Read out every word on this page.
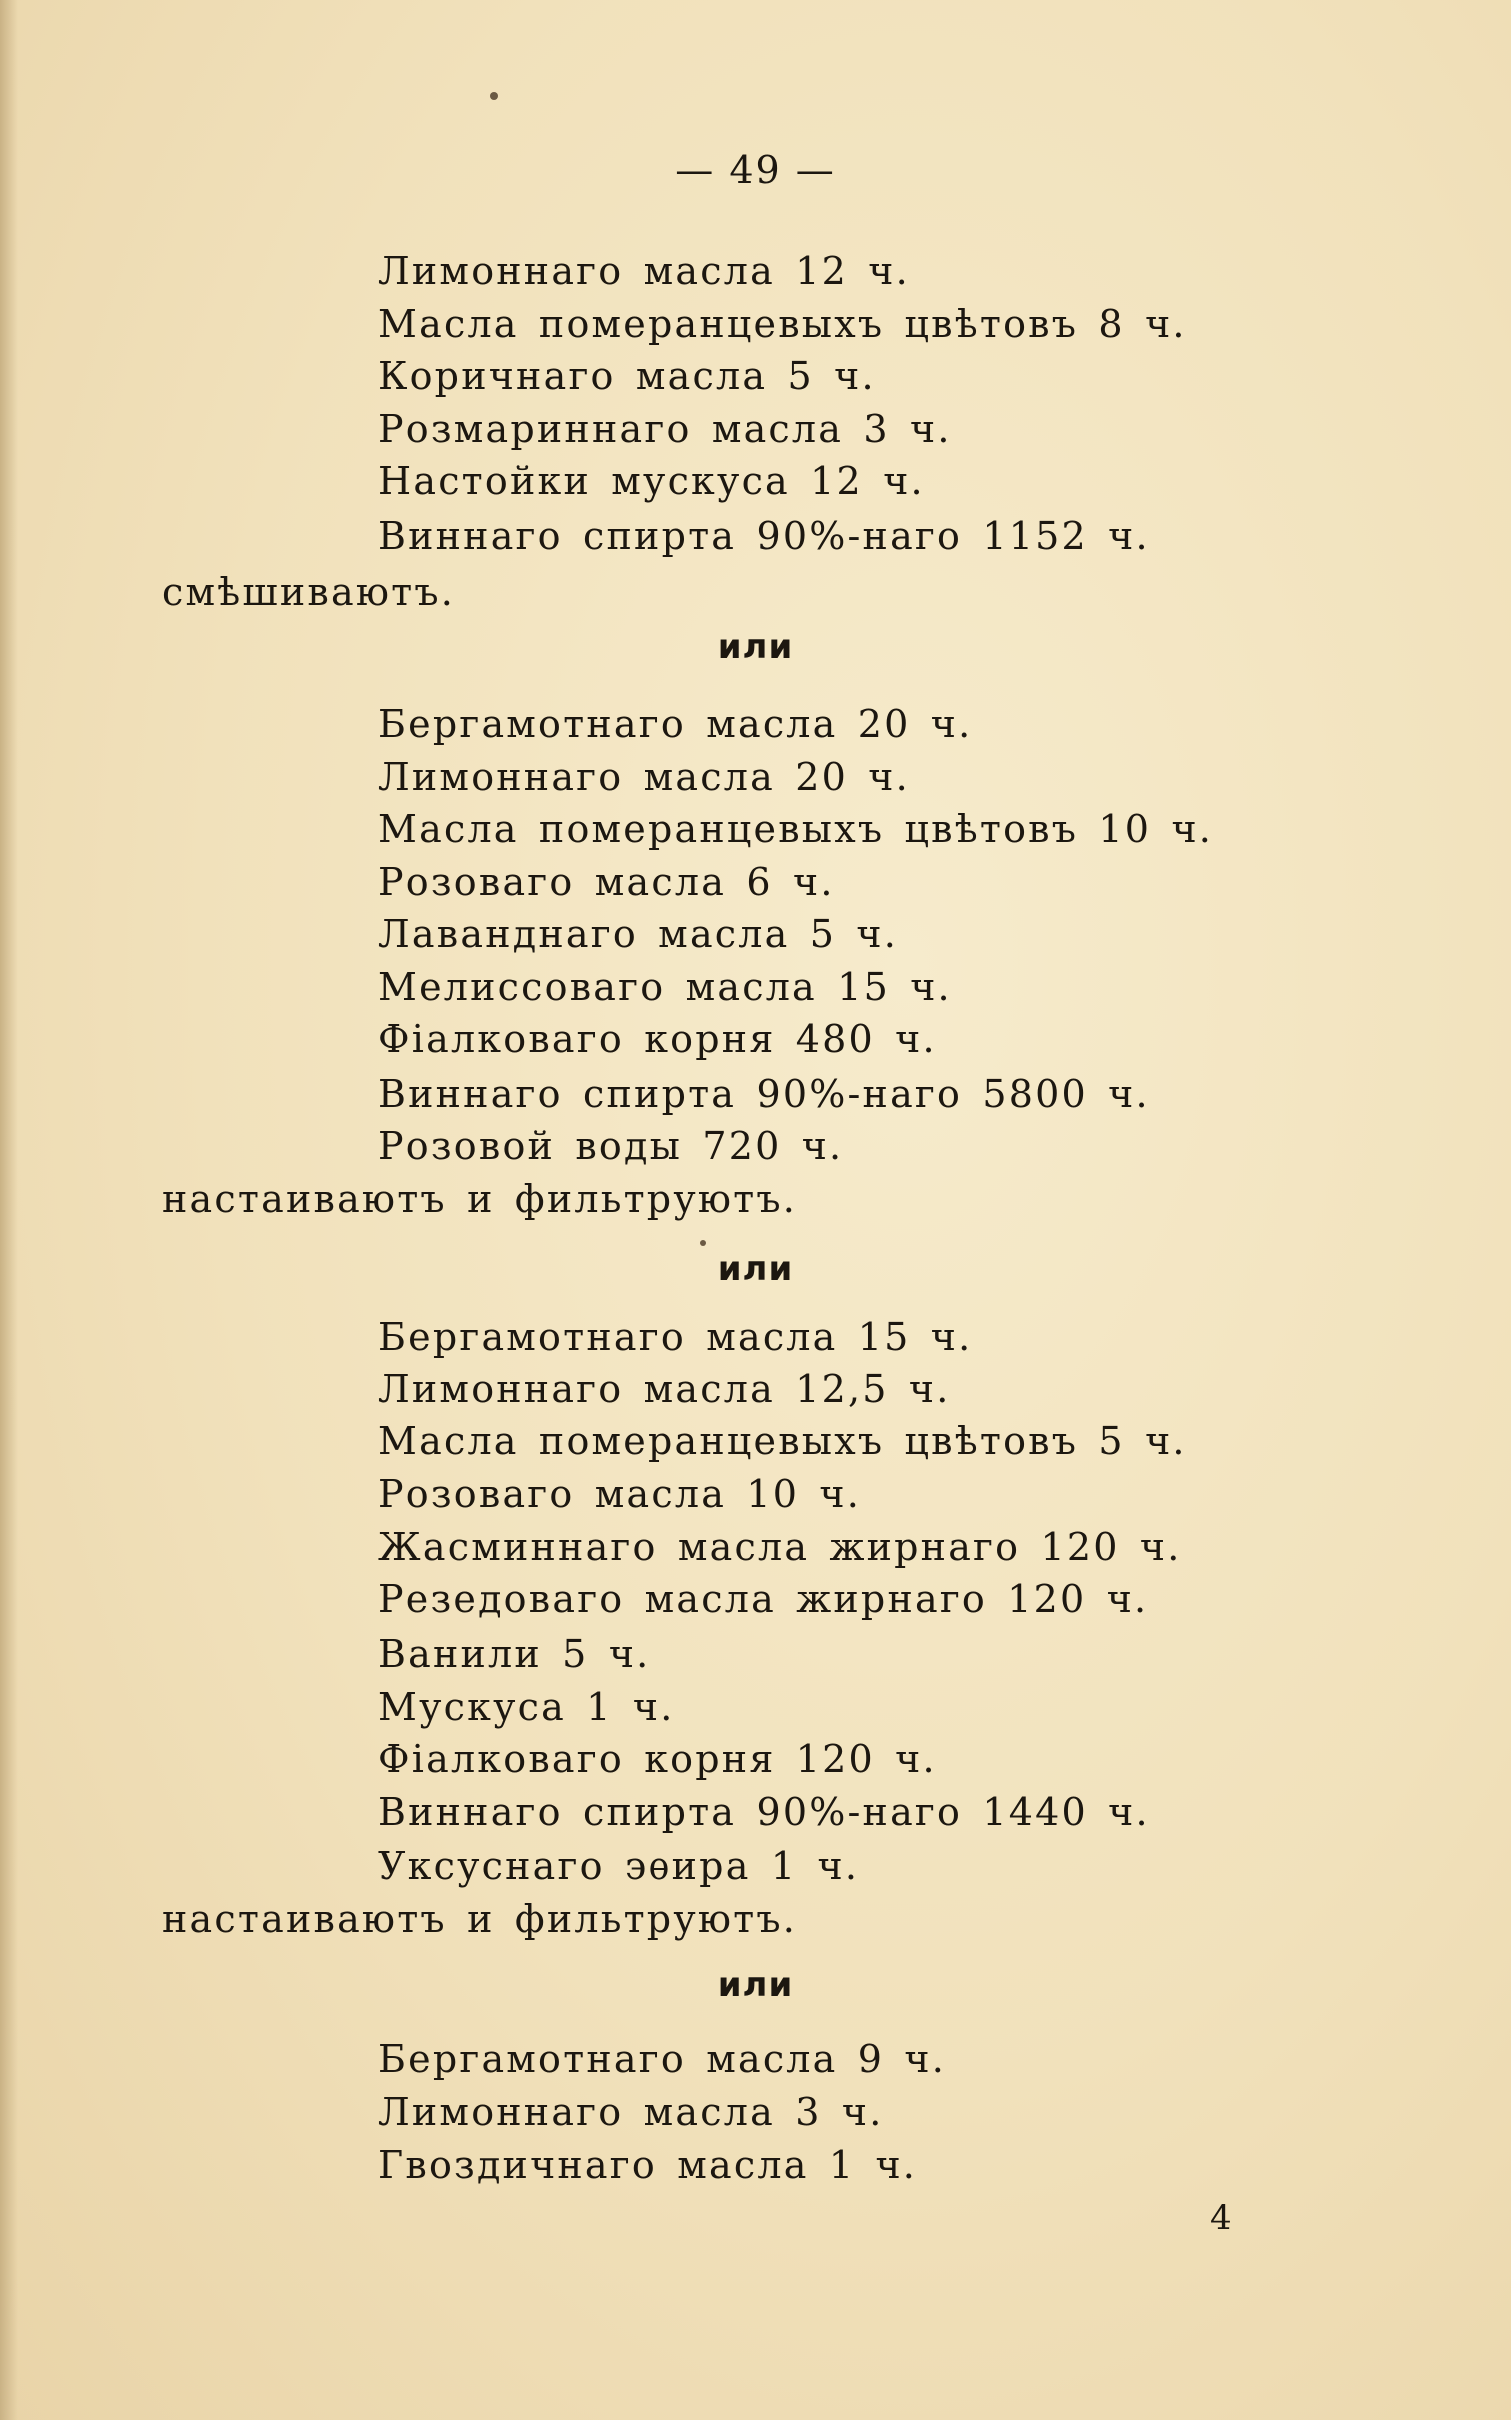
— 49 —
Лимоннаго масла 12 ч.
Масла померанцевыхъ цвѣтовъ 8 ч.
Коричнаго масла 5 ч.
Розмариннаго масла 3 ч.
Настойки мускуса 12 ч.
Виннаго спирта 90%-наго 1152 ч.
смѣшиваютъ.
или
Бергамотнаго масла 20 ч.
Лимоннаго масла 20 ч.
Масла померанцевыхъ цвѣтовъ 10 ч.
Розоваго масла 6 ч.
Лаванднаго масла 5 ч.
Мелиссоваго масла 15 ч.
Фіалковаго корня 480 ч.
Виннаго спирта 90%-наго 5800 ч.
Розовой воды 720 ч.
настаиваютъ и фильтруютъ.
или
Бергамотнаго масла 15 ч.
Лимоннаго масла 12,5 ч.
Масла померанцевыхъ цвѣтовъ 5 ч.
Розоваго масла 10 ч.
Жасминнаго масла жирнаго 120 ч.
Резедоваго масла жирнаго 120 ч.
Ванили 5 ч.
Мускуса 1 ч.
Фіалковаго корня 120 ч.
Виннаго спирта 90%-наго 1440 ч.
Уксуснаго эѳира 1 ч.
настаиваютъ и фильтруютъ.
или
Бергамотнаго масла 9 ч.
Лимоннаго масла 3 ч.
Гвоздичнаго масла 1 ч.
4
